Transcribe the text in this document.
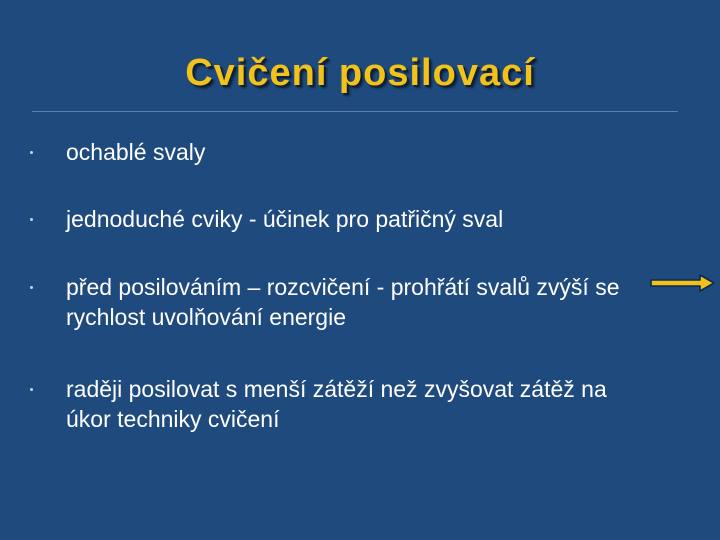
Cvičení posilovací
ochablé svaly
jednoduché cviky - účinek pro patřičný sval
před posilováním – rozcvičení - prohřátí svalů zvýší se rychlost uvolňování energie
raději posilovat s menší zátěží než zvyšovat zátěž na úkor techniky cvičení
